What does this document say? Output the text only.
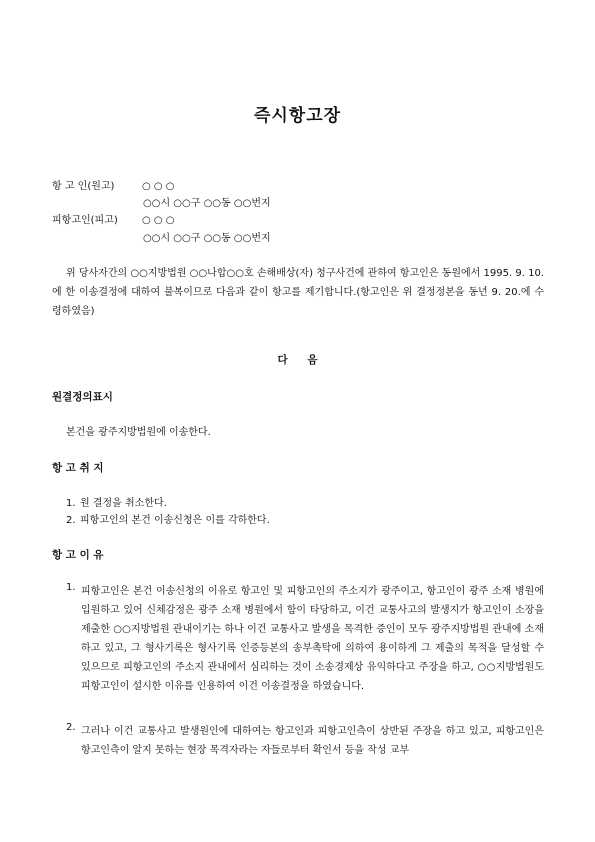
즉시항고장
항 고 인(원고)	○ ○ ○
○○시 ○○구 ○○동 ○○번지
피항고인(피고) ○ ○ ○
○○시 ○○구 ○○동 ○○번지
위 당사자간의 ○○지방법원 ○○나합○○호 손해배상(자) 청구사건에 관하여 항고인은 동원에서 1995. 9. 10.에 한 이송결정에 대하여 불복이므로 다음과 같이 항고를 제기합니다.(항고인은 위 결정정본을 동년 9. 20.에 수령하였음)
다 음
원결정의표시
본건을 광주지방법원에 이송한다.
항 고 취 지
1. 원 결정을 취소한다.
2. 피항고인의 본건 이송신청은 이를 각하한다.
항 고 이 유
1. 피항고인은 본건 이송신청의 이유로 항고인 및 피항고인의 주소지가 광주이고, 항고인이 광주 소재 병원에 입원하고 있어 신체감정은 광주 소재 병원에서 함이 타당하고, 이건 교통사고의 발생지가 항고인이 소장을 제출한 ○○지방법원 관내이기는 하나 이건 교통사고 발생을 목격한 증인이 모두 광주지방법원 관내에 소재하고 있고, 그 형사기록은 형사기록 인증등본의 송부촉탁에 의하여 용이하게 그 제출의 목적을 달성할 수 있으므로 피항고인의 주소지 관내에서 심리하는 것이 소송경제상 유익하다고 주장을 하고, ○○지방법원도 피항고인이 설시한 이유를 인용하여 이건 이송결정을 하였습니다.
2. 그러나 이건 교통사고 발생원인에 대하여는 항고인과 피항고인측이 상반된 주장을 하고 있고, 피항고인은 항고인측이 알지 못하는 현장 목격자라는 자들로부터 확인서 등을 작성 교부
